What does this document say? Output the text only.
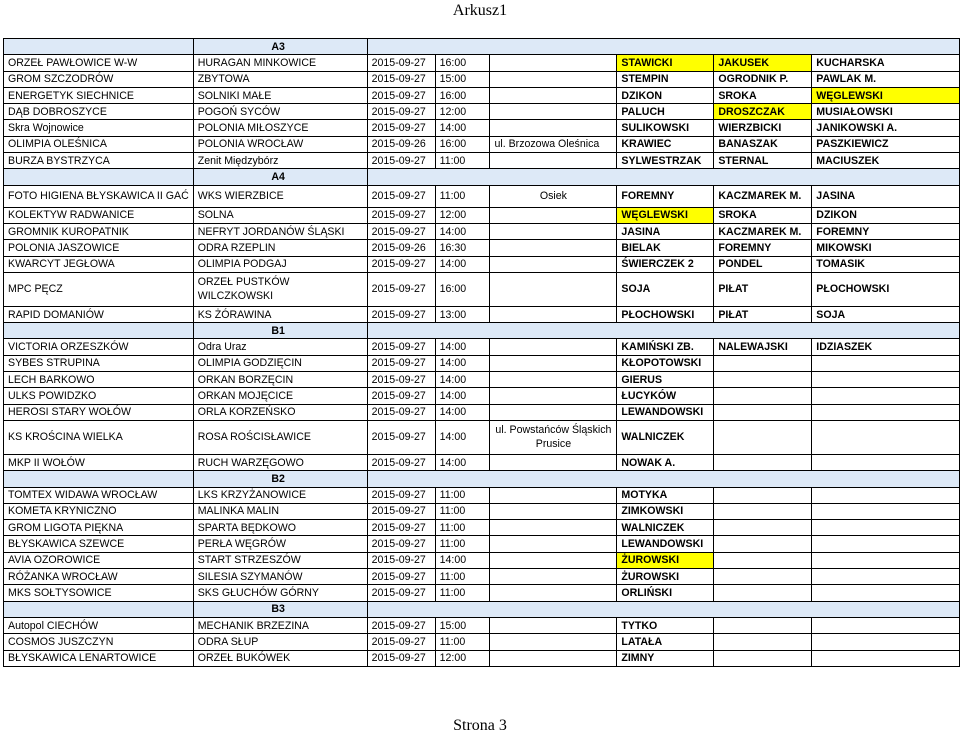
Arkusz1
	A3						
ORZEŁ PAWŁOWICE W-W	HURAGAN MINKOWICE	2015-09-27	16:00		STAWICKI	JAKUSEK	KUCHARSKA
GROM SZCZODRÓW	ZBYTOWA	2015-09-27	15:00		STEMPIN	OGRODNIK P.	PAWLAK M.
ENERGETYK SIECHNICE	SOLNIKI MAŁE	2015-09-27	16:00		DZIKON	SROKA	WĘGLEWSKI
DĄB DOBROSZYCE	POGOŃ SYCÓW	2015-09-27	12:00		PALUCH	DROSZCZAK	MUSIAŁOWSKI
Skra Wojnowice	POLONIA MIŁOSZYCE	2015-09-27	14:00		SULIKOWSKI	WIERZBICKI	JANIKOWSKI A.
OLIMPIA OLEŚNICA	POLONIA WROCŁAW	2015-09-26	16:00	ul. Brzozowa Oleśnica	KRAWIEC	BANASZAK	PASZKIEWICZ
BURZA BYSTRZYCA	Zenit Międzybórz	2015-09-27	11:00		SYLWESTRZAK	STERNAL	MACIUSZEK
	A4						
FOTO HIGIENA BŁYSKAWICA II GAĆ	WKS WIERZBICE	2015-09-27	11:00	Osiek	FOREMNY	KACZMAREK M.	JASINA
KOLEKTYW RADWANICE	SOLNA	2015-09-27	12:00		WĘGLEWSKI	SROKA	DZIKON
GROMNIK KUROPATNIK	NEFRYT JORDANÓW ŚLĄSKI	2015-09-27	14:00		JASINA	KACZMAREK M.	FOREMNY
POLONIA JASZOWICE	ODRA RZEPLIN	2015-09-26	16:30		BIELAK	FOREMNY	MIKOWSKI
KWARCYT JEGŁOWA	OLIMPIA PODGAJ	2015-09-27	14:00		ŚWIERCZEK 2	PONDEL	TOMASIK
MPC PĘCZ	ORZEŁ PUSTKÓW WILCZKOWSKI	2015-09-27	16:00		SOJA	PIŁAT	PŁOCHOWSKI
RAPID DOMANIÓW	KS ŻÓRAWINA	2015-09-27	13:00		PŁOCHOWSKI	PIŁAT	SOJA
	B1						
VICTORIA ORZESZKÓW	Odra Uraz	2015-09-27	14:00		KAMIŃSKI ZB.	NALEWAJSKI	IDZIASZEK
SYBES STRUPINA	OLIMPIA GODZIĘCIN	2015-09-27	14:00		KŁOPOTOWSKI		
LECH BARKOWO	ORKAN BORZĘCIN	2015-09-27	14:00		GIERUS		
ULKS POWIDZKO	ORKAN MOJĘCICE	2015-09-27	14:00		ŁUCYKÓW		
HEROSI STARY WOŁÓW	ORLA KORZEŃSKO	2015-09-27	14:00		LEWANDOWSKI		
KS KROŚCINA WIELKA	ROSA ROŚCISŁAWICE	2015-09-27	14:00	ul. Powstańców Śląskich Prusice	WALNICZEK		
MKP II WOŁÓW	RUCH WARZĘGOWO	2015-09-27	14:00		NOWAK A.		
	B2						
TOMTEX WIDAWA WROCŁAW	LKS KRZYŻANOWICE	2015-09-27	11:00		MOTYKA		
KOMETA KRYNICZNO	MALINKA MALIN	2015-09-27	11:00		ZIMKOWSKI		
GROM LIGOTA PIĘKNA	SPARTA BĘDKOWO	2015-09-27	11:00		WALNICZEK		
BŁYSKAWICA SZEWCE	PERŁA WĘGRÓW	2015-09-27	11:00		LEWANDOWSKI		
AVIA OZOROWICE	START STRZESZÓW	2015-09-27	14:00		ŻUROWSKI		
RÓŻANKA WROCŁAW	SILESIA SZYMANÓW	2015-09-27	11:00		ŻUROWSKI		
MKS SOŁTYSOWICE	SKS GŁUCHÓW GÓRNY	2015-09-27	11:00		ORLIŃSKI		
	B3						
Autopol CIECHÓW	MECHANIK BRZEZINA	2015-09-27	15:00		TYTKO		
COSMOS JUSZCZYN	ODRA SŁUP	2015-09-27	11:00		LATAŁA		
BŁYSKAWICA LENARTOWICE	ORZEŁ BUKÓWEK	2015-09-27	12:00		ZIMNY		
Strona 3
